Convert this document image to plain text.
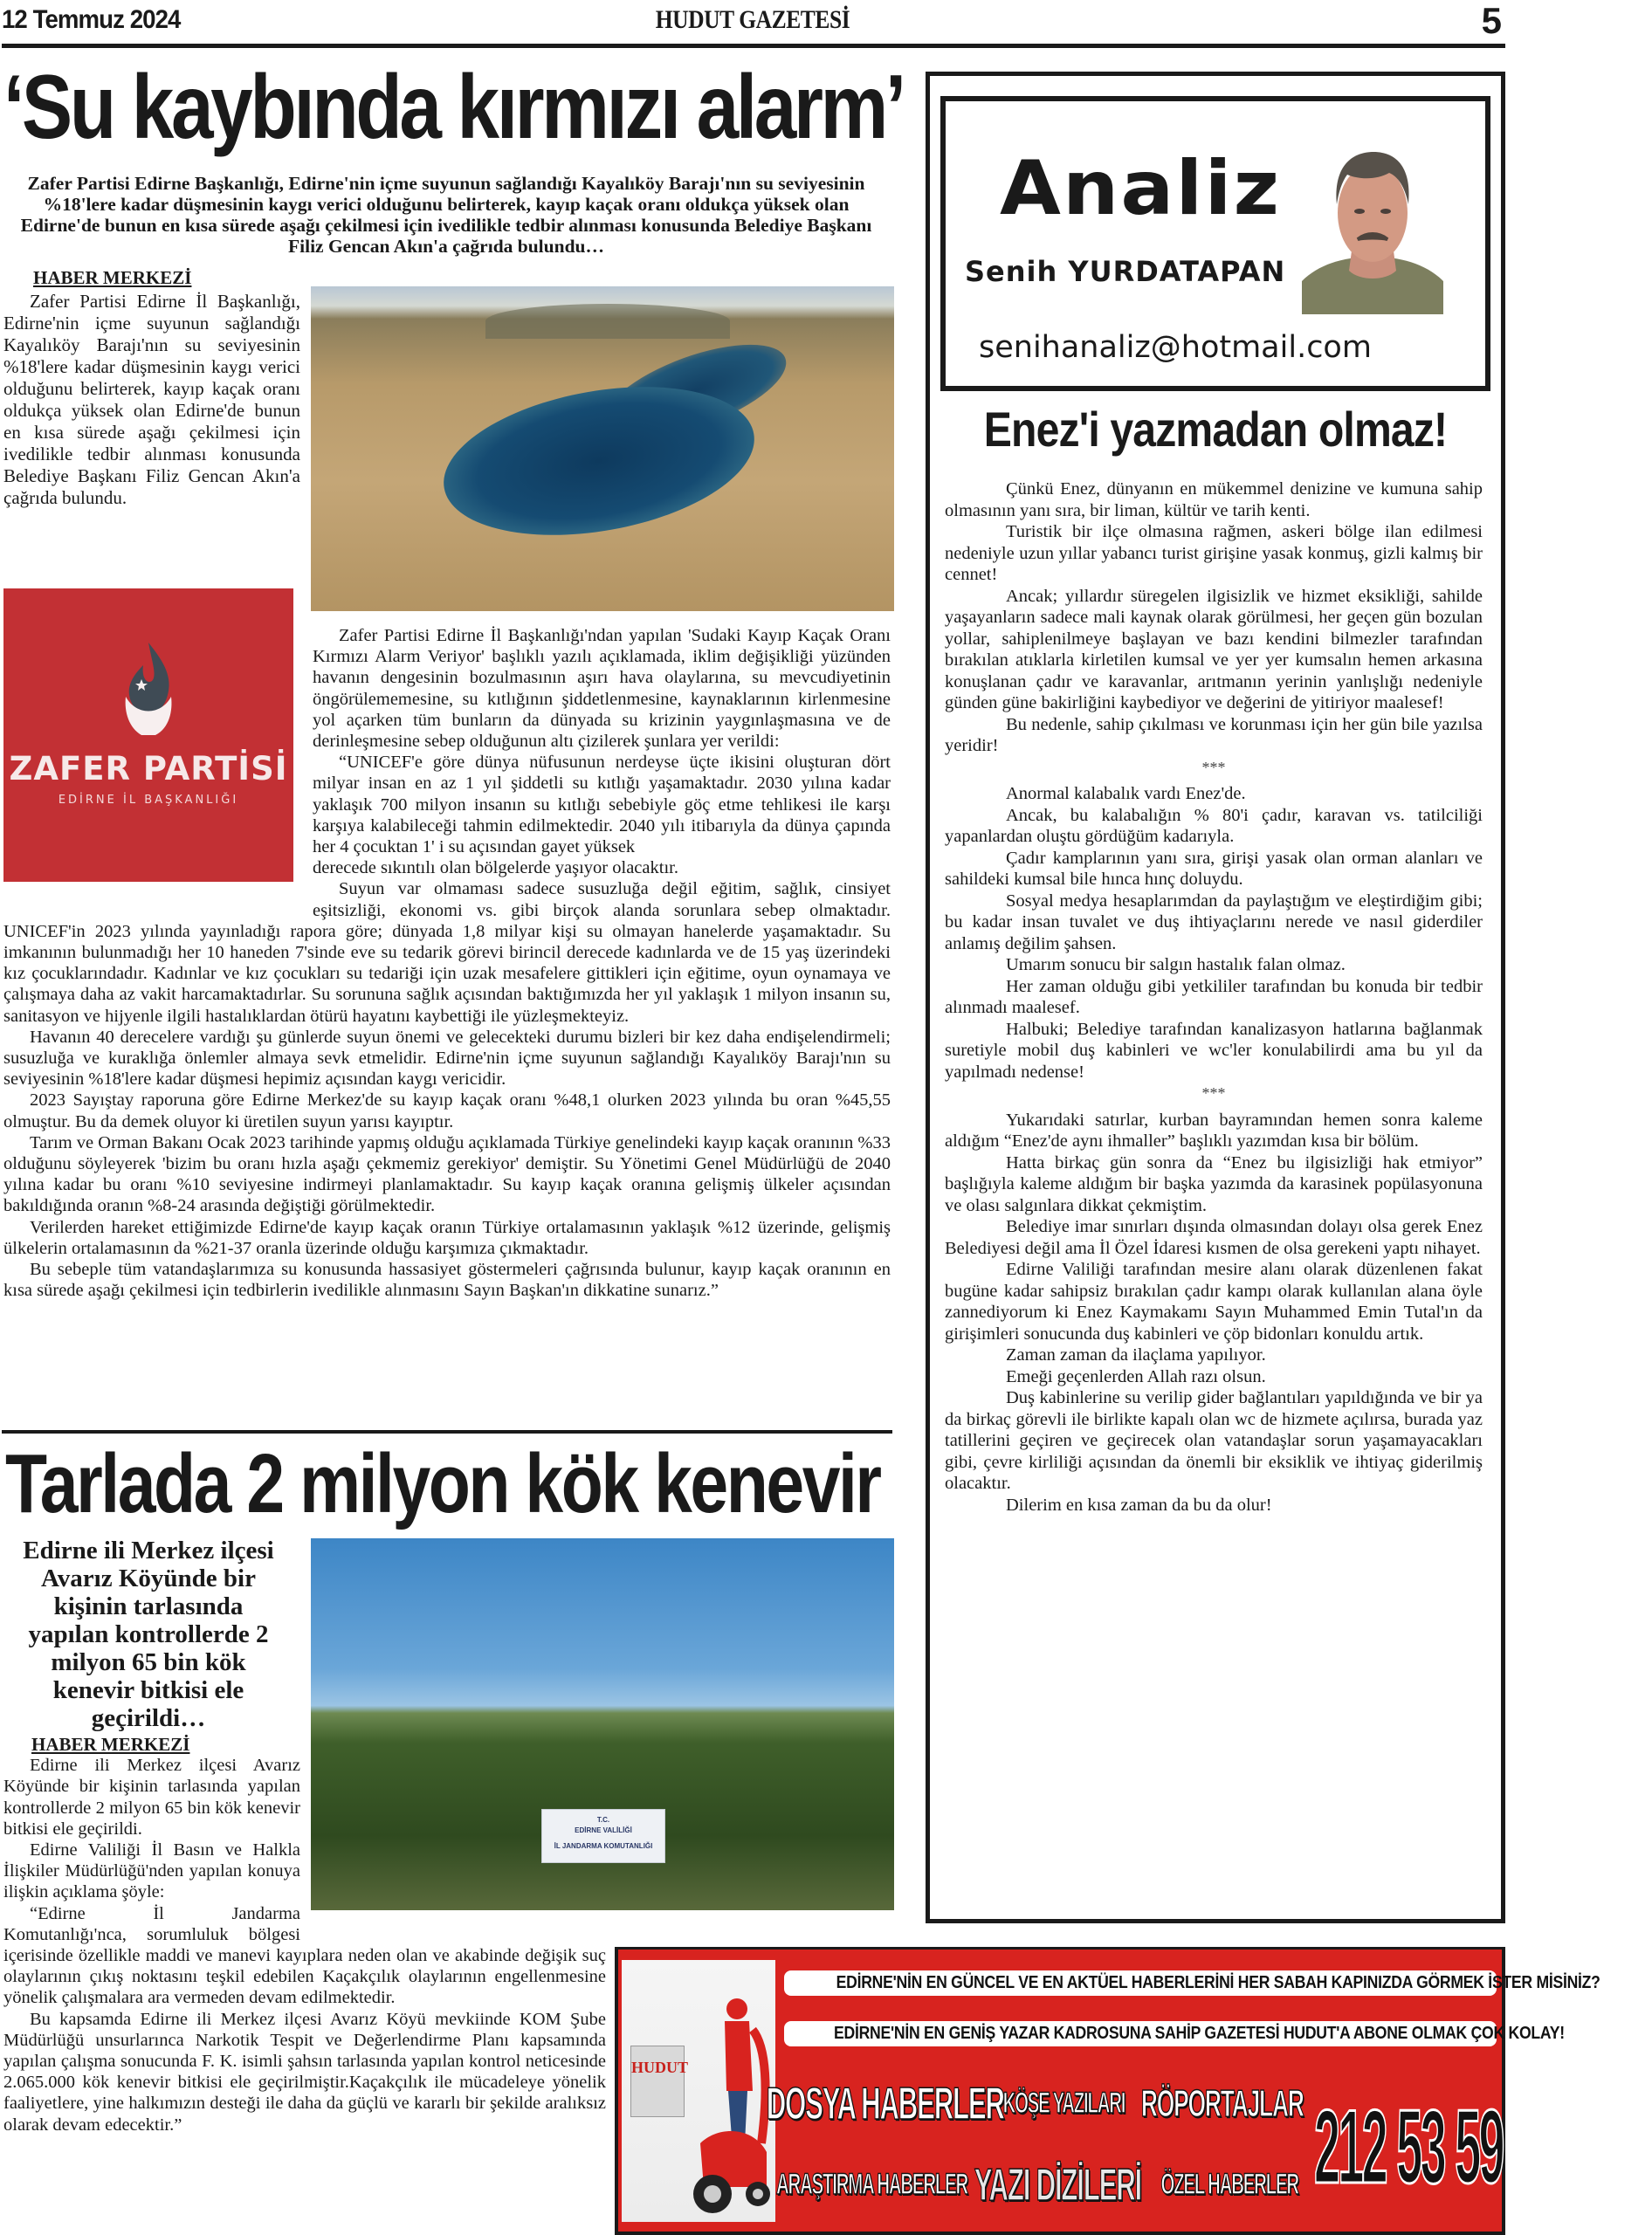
12 Temmuz 2024	HUDUT GAZETESİ	5
‘Su kaybında kırmızı alarm’

Zafer Partisi Edirne Başkanlığı, Edirne'nin içme suyunun sağlandığı Kayalıköy Barajı'nın su seviyesinin %18'lere kadar düşmesinin kaygı verici olduğunu belirterek, kayıp kaçak oranı oldukça yüksek olan Edirne'de bunun en kısa sürede aşağı çekilmesi için ivedilikle tedbir alınması konusunda Belediye Başkanı Filiz Gencan Akın'a çağrıda bulundu…

HABER MERKEZİ

Zafer Partisi Edirne İl Başkanlığı, Edirne'nin içme suyunun sağlandığı Kayalıköy Barajı'nın su seviyesinin %18'lere kadar düşmesinin kaygı verici olduğunu belirterek, kayıp kaçak oranı oldukça yüksek olan Edirne'de bunun en kısa sürede aşağı çekilmesi için ivedilikle tedbir alınması konusunda Belediye Başkanı Filiz Gencan Akın'a çağrıda bulundu.

ZAFER PARTİSİ
EDİRNE İL BAŞKANLIĞI

Zafer Partisi Edirne İl Başkanlığı'ndan yapılan 'Sudaki Kayıp Kaçak Oranı Kırmızı Alarm Veriyor' başlıklı yazılı açıklamada, iklim değişikliği yüzünden havanın dengesinin bozulmasının aşırı hava olaylarına, su mevcudiyetinin öngörülememesine, su kıtlığının şiddetlenmesine, kaynaklarının kirlenmesine yol açarken tüm bunların da dünyada su krizinin yaygınlaşmasına ve de derinleşmesine sebep olduğunun altı çizilerek şunlara yer verildi:

“UNICEF'e göre dünya nüfusunun nerdeyse üçte ikisini oluşturan dört milyar insan en az 1 yıl şiddetli su kıtlığı yaşamaktadır. 2030 yılına kadar yaklaşık 700 milyon insanın su kıtlığı sebebiyle göç etme tehlikesi ile karşı karşıya kalabileceği tahmin edilmektedir. 2040 yılı itibarıyla da dünya çapında her 4 çocuktan 1' i su açısından gayet yüksek

derecede sıkıntılı olan bölgelerde yaşıyor olacaktır.

Suyun var olmaması sadece susuzluğa değil eğitim, sağlık, cinsiyet eşitsizliği, ekonomi vs. gibi birçok alanda sorunlara sebep olmaktadır. UNICEF'in 2023 yılında yayınladığı rapora göre; dünyada 1,8 milyar kişi su olmayan hanelerde yaşamaktadır. Su imkanının bulunmadığı her 10 haneden 7'sinde eve su tedarik görevi birincil derecede kadınlarda ve de 15 yaş üzerindeki kız çocuklarındadır. Kadınlar ve kız çocukları su tedariği için uzak mesafelere gittikleri için eğitime, oyun oynamaya ve çalışmaya daha az vakit harcamaktadırlar. Su sorununa sağlık açısından baktığımızda her yıl yaklaşık 1 milyon insanın su, sanitasyon ve hijyenle ilgili hastalıklardan ötürü hayatını kaybettiği ile yüzleşmekteyiz.

Havanın 40 derecelere vardığı şu günlerde suyun önemi ve gelecekteki durumu bizleri bir kez daha endişelendirmeli; susuzluğa ve kuraklığa önlemler almaya sevk etmelidir. Edirne'nin içme suyunun sağlandığı Kayalıköy Barajı'nın su seviyesinin %18'lere kadar düşmesi hepimiz açısından kaygı vericidir.

2023 Sayıştay raporuna göre Edirne Merkez'de su kayıp kaçak oranı %48,1 olurken 2023 yılında bu oran %45,55 olmuştur. Bu da demek oluyor ki üretilen suyun yarısı kayıptır.

Tarım ve Orman Bakanı Ocak 2023 tarihinde yapmış olduğu açıklamada Türkiye genelindeki kayıp kaçak oranının %33 olduğunu söyleyerek 'bizim bu oranı hızla aşağı çekmemiz gerekiyor' demiştir. Su Yönetimi Genel Müdürlüğü de 2040 yılına kadar bu oranı %10 seviyesine indirmeyi planlamaktadır. Su kayıp kaçak oranına gelişmiş ülkeler açısından bakıldığında oranın %8-24 arasında değiştiği görülmektedir.

Verilerden hareket ettiğimizde Edirne'de kayıp kaçak oranın Türkiye ortalamasının yaklaşık %12 üzerinde, gelişmiş ülkelerin ortalamasının da %21-37 oranla üzerinde olduğu karşımıza çıkmaktadır.

Bu sebeple tüm vatandaşlarımıza su konusunda hassasiyet göstermeleri çağrısında bulunur, kayıp kaçak oranının en kısa sürede aşağı çekilmesi için tedbirlerin ivedilikle alınmasını Sayın Başkan'ın dikkatine sunarız.”

Tarlada 2 milyon kök kenevir
T.C.
EDİRNE VALİLİĞİ
İL JANDARMA KOMUTANLIĞI

Edirne ili Merkez ilçesi Avarız Köyünde bir kişinin tarlasında yapılan kontrollerde 2 milyon 65 bin kök kenevir bitkisi ele geçirildi…

HABER MERKEZİ

Edirne ili Merkez ilçesi Avarız Köyünde bir kişinin tarlasında yapılan kontrollerde 2 milyon 65 bin kök kenevir bitkisi ele geçirildi.

Edirne Valiliği İl Basın ve Halkla İlişkiler Müdürlüğü'nden yapılan konuya ilişkin açıklama şöyle:

“Edirne İl Jandarma Komutanlığı'nca, sorumluluk bölgesi içerisinde özellikle maddi ve manevi kayıplara neden olan ve akabinde değişik suç olaylarının çıkış noktasını teşkil edebilen Kaçakçılık olaylarının engellenmesine yönelik çalışmalara ara vermeden devam edilmektedir.

Bu kapsamda Edirne ili Merkez ilçesi Avarız Köyü mevkiinde KOM Şube Müdürlüğü unsurlarınca Narkotik Tespit ve Değerlendirme Planı kapsamında yapılan çalışma sonucunda F. K. isimli şahsın tarlasında yapılan kontrol neticesinde 2.065.000 kök kenevir bitkisi ele geçirilmiştir.Kaçakçılık ile mücadeleye yönelik faaliyetlere, yine halkımızın desteği ile daha da güçlü ve kararlı bir şekilde aralıksız olarak devam edecektir.”

Analiz
Senih YURDATAPAN
senihanaliz@hotmail.com
Enez'i yazmadan olmaz!

Çünkü Enez, dünyanın en mükemmel denizine ve kumuna sahip olmasının yanı sıra, bir liman, kültür ve tarih kenti.

Turistik bir ilçe olmasına rağmen, askeri bölge ilan edilmesi nedeniyle uzun yıllar yabancı turist girişine yasak konmuş, gizli kalmış bir cennet!

Ancak; yıllardır süregelen ilgisizlik ve hizmet eksikliği, sahilde yaşayanların sadece mali kaynak olarak görülmesi, her geçen gün bozulan yollar, sahiplenilmeye başlayan ve bazı kendini bilmezler tarafından bırakılan atıklarla kirletilen kumsal ve yer yer kumsalın hemen arkasına konuşlanan çadır ve karavanlar, arıtmanın yerinin yanlışlığı nedeniyle günden güne bakirliğini kaybediyor ve değerini de yitiriyor maalesef!

Bu nedenle, sahip çıkılması ve korunması için her gün bile yazılsa yeridir!

***

Anormal kalabalık vardı Enez'de.

Ancak, bu kalabalığın % 80'i çadır, karavan vs. tatilciliği yapanlardan oluştu gördüğüm kadarıyla.

Çadır kamplarının yanı sıra, girişi yasak olan orman alanları ve sahildeki kumsal bile hınca hınç doluydu.

Sosyal medya hesaplarımdan da paylaştığım ve eleştirdiğim gibi; bu kadar insan tuvalet ve duş ihtiyaçlarını nerede ve nasıl giderdiler anlamış değilim şahsen.

Umarım sonucu bir salgın hastalık falan olmaz.

Her zaman olduğu gibi yetkililer tarafından bu konuda bir tedbir alınmadı maalesef.

Halbuki; Belediye tarafından kanalizasyon hatlarına bağlanmak suretiyle mobil duş kabinleri ve wc'ler konulabilirdi ama bu yıl da yapılmadı nedense!

***

Yukarıdaki satırlar, kurban bayramından hemen sonra kaleme aldığım “Enez'de aynı ihmaller” başlıklı yazımdan kısa bir bölüm.

Hatta birkaç gün sonra da “Enez bu ilgisizliği hak etmiyor” başlığıyla kaleme aldığım bir başka yazımda da karasinek popülasyonuna ve olası salgınlara dikkat çekmiştim.

Belediye imar sınırları dışında olmasından dolayı olsa gerek Enez Belediyesi değil ama İl Özel İdaresi kısmen de olsa gerekeni yaptı nihayet.

Edirne Valiliği tarafından mesire alanı olarak düzenlenen fakat bugüne kadar sahipsiz bırakılan çadır kampı olarak kullanılan alana öyle zannediyorum ki Enez Kaymakamı Sayın Muhammed Emin Tutal'ın da girişimleri sonucunda duş kabinleri ve çöp bidonları konuldu artık.

Zaman zaman da ilaçlama yapılıyor.

Emeği geçenlerden Allah razı olsun.

Duş kabinlerine su verilip gider bağlantıları yapıldığında ve bir ya da birkaç görevli ile birlikte kapalı olan wc de hizmete açılırsa, burada yaz tatillerini geçiren ve geçirecek olan vatandaşlar sorun yaşamayacakları gibi, çevre kirliliği açısından da önemli bir eksiklik ve ihtiyaç giderilmiş olacaktır.

Dilerim en kısa zaman da bu da olur!

HUDUT
EDİRNE'NİN EN GÜNCEL VE EN AKTÜEL HABERLERİNİ HER SABAH KAPINIZDA GÖRMEK İSTER MİSİNİZ?
EDİRNE'NİN EN GENİŞ YAZAR KADROSUNA SAHİP GAZETESİ HUDUT'A ABONE OLMAK ÇOK KOLAY!
DOSYA HABERLER
KÖŞE YAZILARI RÖPORTAJLAR
ARAŞTIRMA HABERLER YAZI DİZİLERİ ÖZEL HABERLER 212 53 59
